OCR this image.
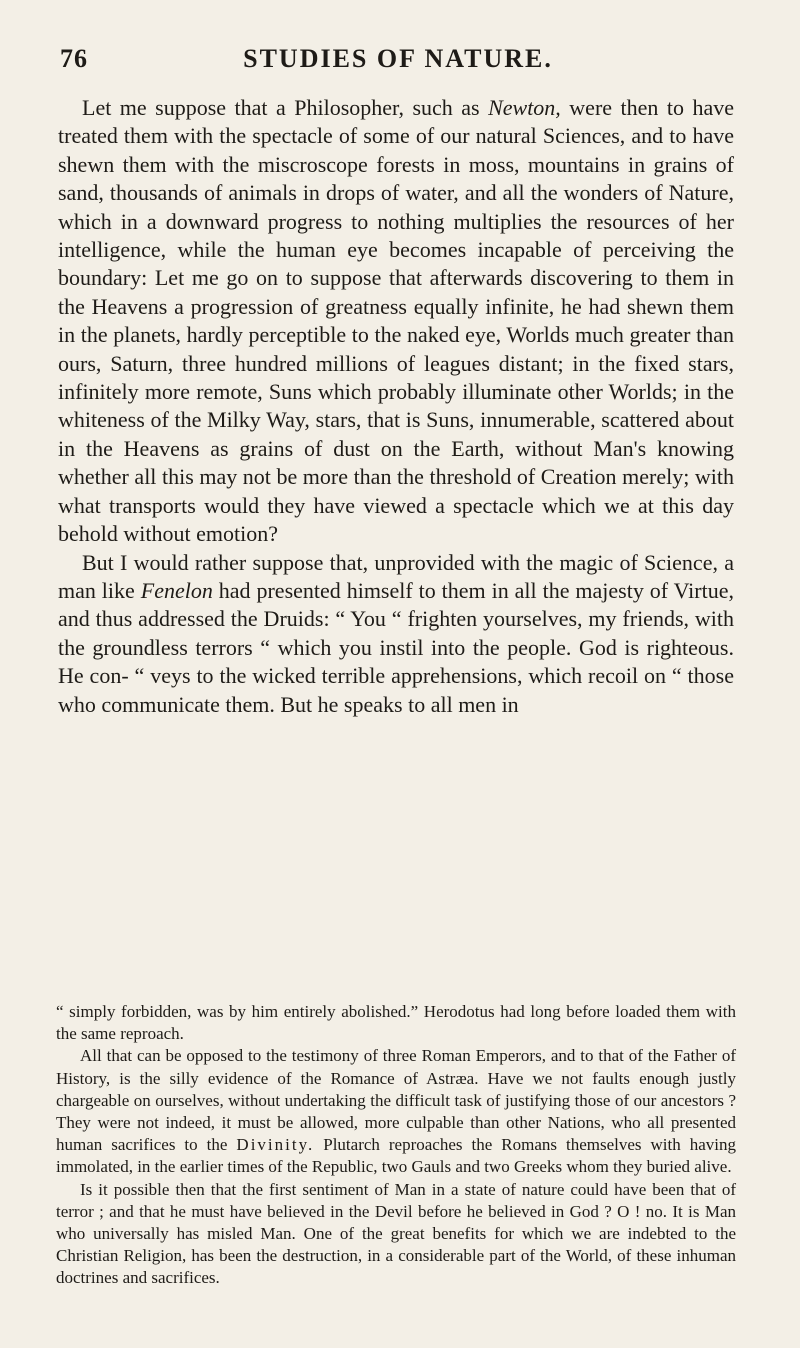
76	STUDIES OF NATURE.

Let me suppose that a Philosopher, such as Newton, were then to have treated them with the spectacle of some of our natural Sciences, and to have shewn them with the miscroscope forests in moss, mountains in grains of sand, thousands of animals in drops of water, and all the wonders of Nature, which in a downward progress to nothing multiplies the resources of her intelligence, while the human eye becomes incapable of perceiving the boundary: Let me go on to suppose that afterwards discovering to them in the Heavens a progression of greatness equally infinite, he had shewn them in the planets, hardly perceptible to the naked eye, Worlds much greater than ours, Saturn, three hundred millions of leagues distant; in the fixed stars, infinitely more remote, Suns which probably illuminate other Worlds; in the whiteness of the Milky Way, stars, that is Suns, innumerable, scattered about in the Heavens as grains of dust on the Earth, without Man's knowing whether all this may not be more than the threshold of Creation merely; with what transports would they have viewed a spectacle which we at this day behold without emotion?

But I would rather suppose that, unprovided with the magic of Science, a man like Fenelon had presented himself to them in all the majesty of Virtue, and thus addressed the Druids: “ You “ frighten yourselves, my friends, with the groundless terrors “ which you instil into the people. God is righteous. He con- “ veys to the wicked terrible apprehensions, which recoil on “ those who communicate them. But he speaks to all men in

“ simply forbidden, was by him entirely abolished.” Herodotus had long before loaded them with the same reproach.

All that can be opposed to the testimony of three Roman Emperors, and to that of the Father of History, is the silly evidence of the Romance of Astræa. Have we not faults enough justly chargeable on ourselves, without undertaking the difficult task of justifying those of our ancestors ? They were not indeed, it must be allowed, more culpable than other Nations, who all presented human sacrifices to the Divinity. Plutarch reproaches the Romans themselves with having immolated, in the earlier times of the Republic, two Gauls and two Greeks whom they buried alive.

Is it possible then that the first sentiment of Man in a state of nature could have been that of terror ; and that he must have believed in the Devil before he believed in God ? O ! no. It is Man who universally has misled Man. One of the great benefits for which we are indebted to the Christian Religion, has been the destruction, in a considerable part of the World, of these inhuman doctrines and sacrifices.
